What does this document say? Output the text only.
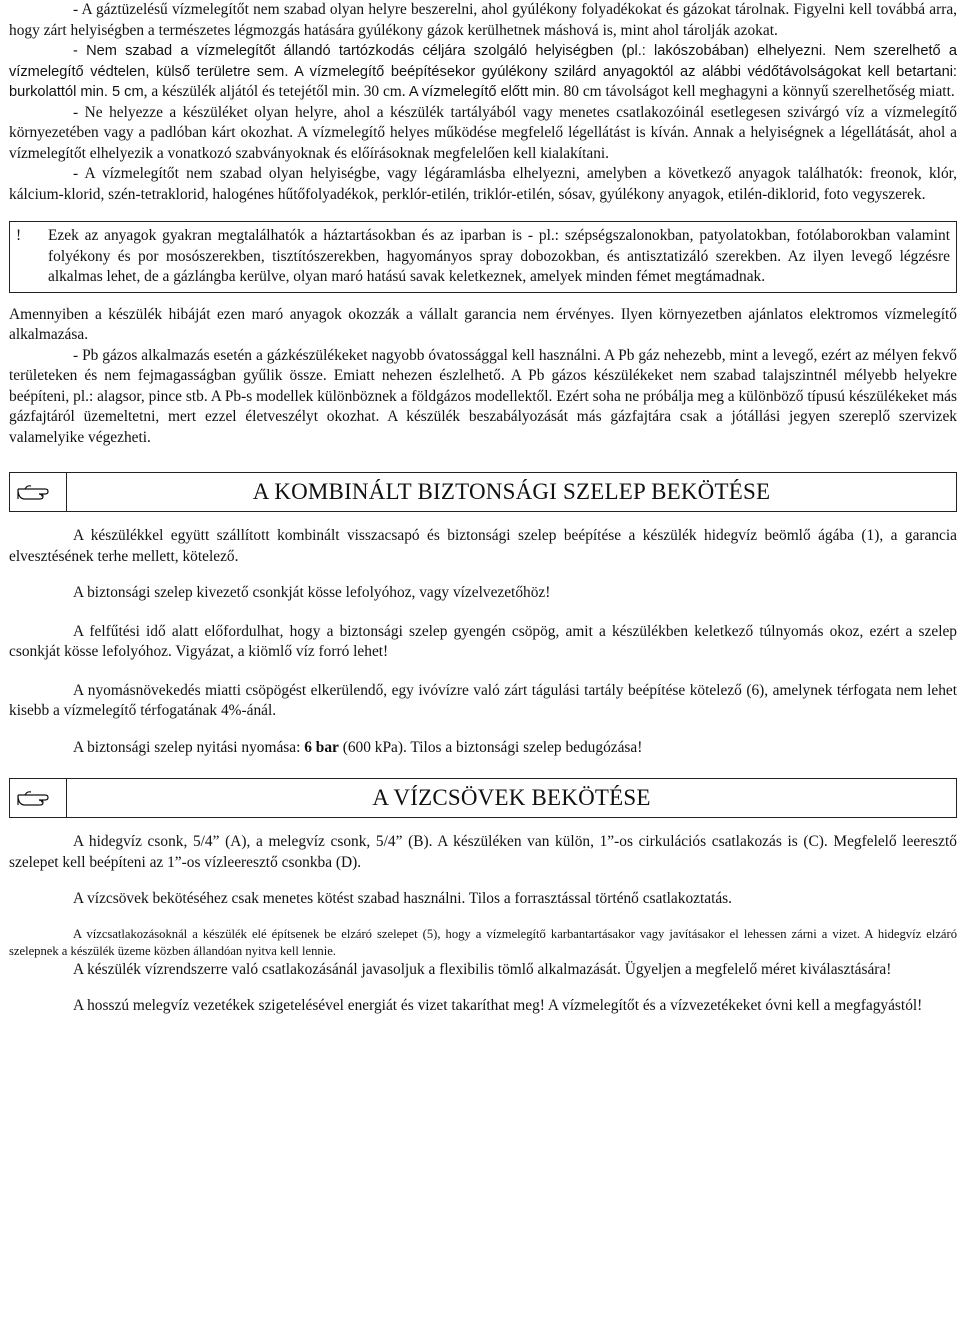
- A gáztüzelésű vízmelegítőt nem szabad olyan helyre beszerelni, ahol gyúlékony folyadékokat és gázokat tárolnak. Figyelni kell továbbá arra, hogy zárt helyiségben a természetes légmozgás hatására gyúlékony gázok kerülhetnek máshová is, mint ahol tárolják azokat.

- Nem szabad a vízmelegítőt állandó tartózkodás céljára szolgáló helyiségben (pl.: lakószobában) elhelyezni. Nem szerelhető a vízmelegítő védtelen, külső területre sem. A vízmelegítő beépítésekor gyúlékony szilárd anyagoktól az alábbi védőtávolságokat kell betartani: burkolattól min. 5 cm, a készülék aljától és tetejétől min. 30 cm. A vízmelegítő előtt min. 80 cm távolságot kell meghagyni a könnyű szerelhetőség miatt.

- Ne helyezze a készüléket olyan helyre, ahol a készülék tartályából vagy menetes csatlakozóinál esetlegesen szivárgó víz a vízmelegítő környezetében vagy a padlóban kárt okozhat. A vízmelegítő helyes működése megfelelő légellátást is kíván. Annak a helyiségnek a légellátását, ahol a vízmelegítőt elhelyezik a vonatkozó szabványoknak és előírásoknak megfelelően kell kialakítani.

- A vízmelegítőt nem szabad olyan helyiségbe, vagy légáramlásba elhelyezni, amelyben a következő anyagok találhatók: freonok, klór, kálcium-klorid, szén-tetraklorid, halogénes hűtőfolyadékok, perklór-etilén, triklór-etilén, sósav, gyúlékony anyagok, etilén-diklorid, foto vegyszerek.

!	Ezek az anyagok gyakran megtalálhatók a háztartásokban és az iparban is - pl.: szépségszalonokban, patyolatokban, fotólaborokban valamint folyékony és por mosószerekben, tisztítószerekben, hagyományos spray dobozokban, és antisztatizáló szerekben. Az ilyen levegő légzésre alkalmas lehet, de a gázlángba kerülve, olyan maró hatású savak keletkeznek, amelyek minden fémet megtámadnak.

Amennyiben a készülék hibáját ezen maró anyagok okozzák a vállalt garancia nem érvényes. Ilyen környezetben ajánlatos elektromos vízmelegítő alkalmazása.

- Pb gázos alkalmazás esetén a gázkészülékeket nagyobb óvatossággal kell használni. A Pb gáz nehezebb, mint a levegő, ezért az mélyen fekvő területeken és nem fejmagasságban gyűlik össze. Emiatt nehezen észlelhető. A Pb gázos készülékeket nem szabad talajszintnél mélyebb helyekre beépíteni, pl.: alagsor, pince stb. A Pb-s modellek különböznek a földgázos modellektől. Ezért soha ne próbálja meg a különböző típusú készülékeket más gázfajtáról üzemeltetni, mert ezzel életveszélyt okozhat. A készülék beszabályozását más gázfajtára csak a jótállási jegyen szereplő szervizek valamelyike végezheti.

A KOMBINÁLT BIZTONSÁGI SZELEP BEKÖTÉSE

A készülékkel együtt szállított kombinált visszacsapó és biztonsági szelep beépítése a készülék hidegvíz beömlő ágába (1), a garancia elvesztésének terhe mellett, kötelező.

A biztonsági szelep kivezető csonkját kösse lefolyóhoz, vagy vízelvezetőhöz!

A felfűtési idő alatt előfordulhat, hogy a biztonsági szelep gyengén csöpög, amit a készülékben keletkező túlnyomás okoz, ezért a szelep csonkját kösse lefolyóhoz. Vigyázat, a kiömlő víz forró lehet!

A nyomásnövekedés miatti csöpögést elkerülendő, egy ivóvízre való zárt tágulási tartály beépítése kötelező (6), amelynek térfogata nem lehet kisebb a vízmelegítő térfogatának 4%-ánál.

A biztonsági szelep nyitási nyomása: 6 bar (600 kPa). Tilos a biztonsági szelep bedugózása!

A VÍZCSÖVEK BEKÖTÉSE

A hidegvíz csonk, 5/4” (A), a melegvíz csonk, 5/4” (B). A készüléken van külön, 1”-os cirkulációs csatlakozás is (C). Megfelelő leeresztő szelepet kell beépíteni az 1”-os vízleeresztő csonkba (D).

A vízcsövek bekötéséhez csak menetes kötést szabad használni. Tilos a forrasztással történő csatlakoztatás.

A vízcsatlakozásoknál a készülék elé építsenek be elzáró szelepet (5), hogy a vízmelegítő karbantartásakor vagy javításakor el lehessen zárni a vizet. A hidegvíz elzáró szelepnek a készülék üzeme közben állandóan nyitva kell lennie.

A készülék vízrendszerre való csatlakozásánál javasoljuk a flexibilis tömlő alkalmazását. Ügyeljen a megfelelő méret kiválasztására!

A hosszú melegvíz vezetékek szigetelésével energiát és vizet takaríthat meg! A vízmelegítőt és a vízvezetékeket óvni kell a megfagyástól!
